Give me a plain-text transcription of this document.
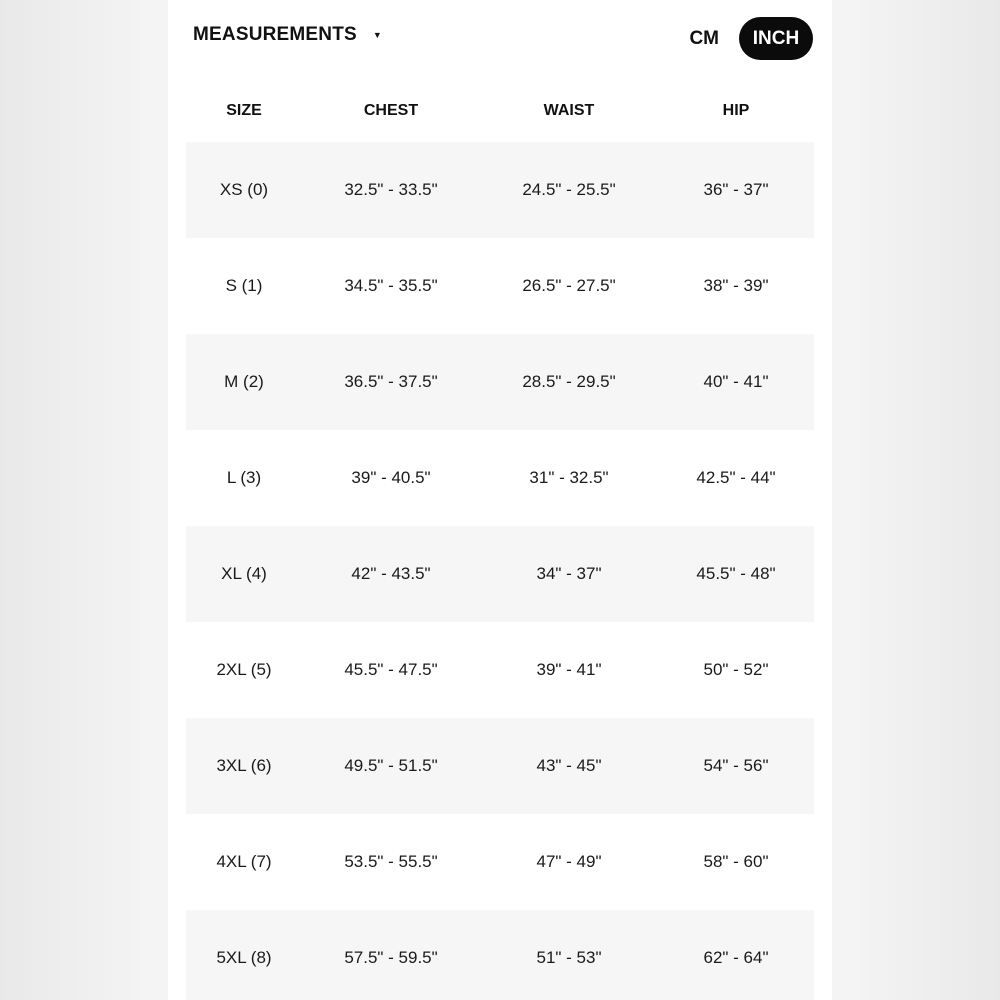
MEASUREMENTS ▼	CM	INCH
SIZE	CHEST	WAIST	HIP
XS (0)	32.5" - 33.5"	24.5" - 25.5"	36" - 37"
S (1)	34.5" - 35.5"	26.5" - 27.5"	38" - 39"
M (2)	36.5" - 37.5"	28.5" - 29.5"	40" - 41"
L (3)	39" - 40.5"	31" - 32.5"	42.5" - 44"
XL (4)	42" - 43.5"	34" - 37"	45.5" - 48"
2XL (5)	45.5" - 47.5"	39" - 41"	50" - 52"
3XL (6)	49.5" - 51.5"	43" - 45"	54" - 56"
4XL (7)	53.5" - 55.5"	47" - 49"	58" - 60"
5XL (8)	57.5" - 59.5"	51" - 53"	62" - 64"
